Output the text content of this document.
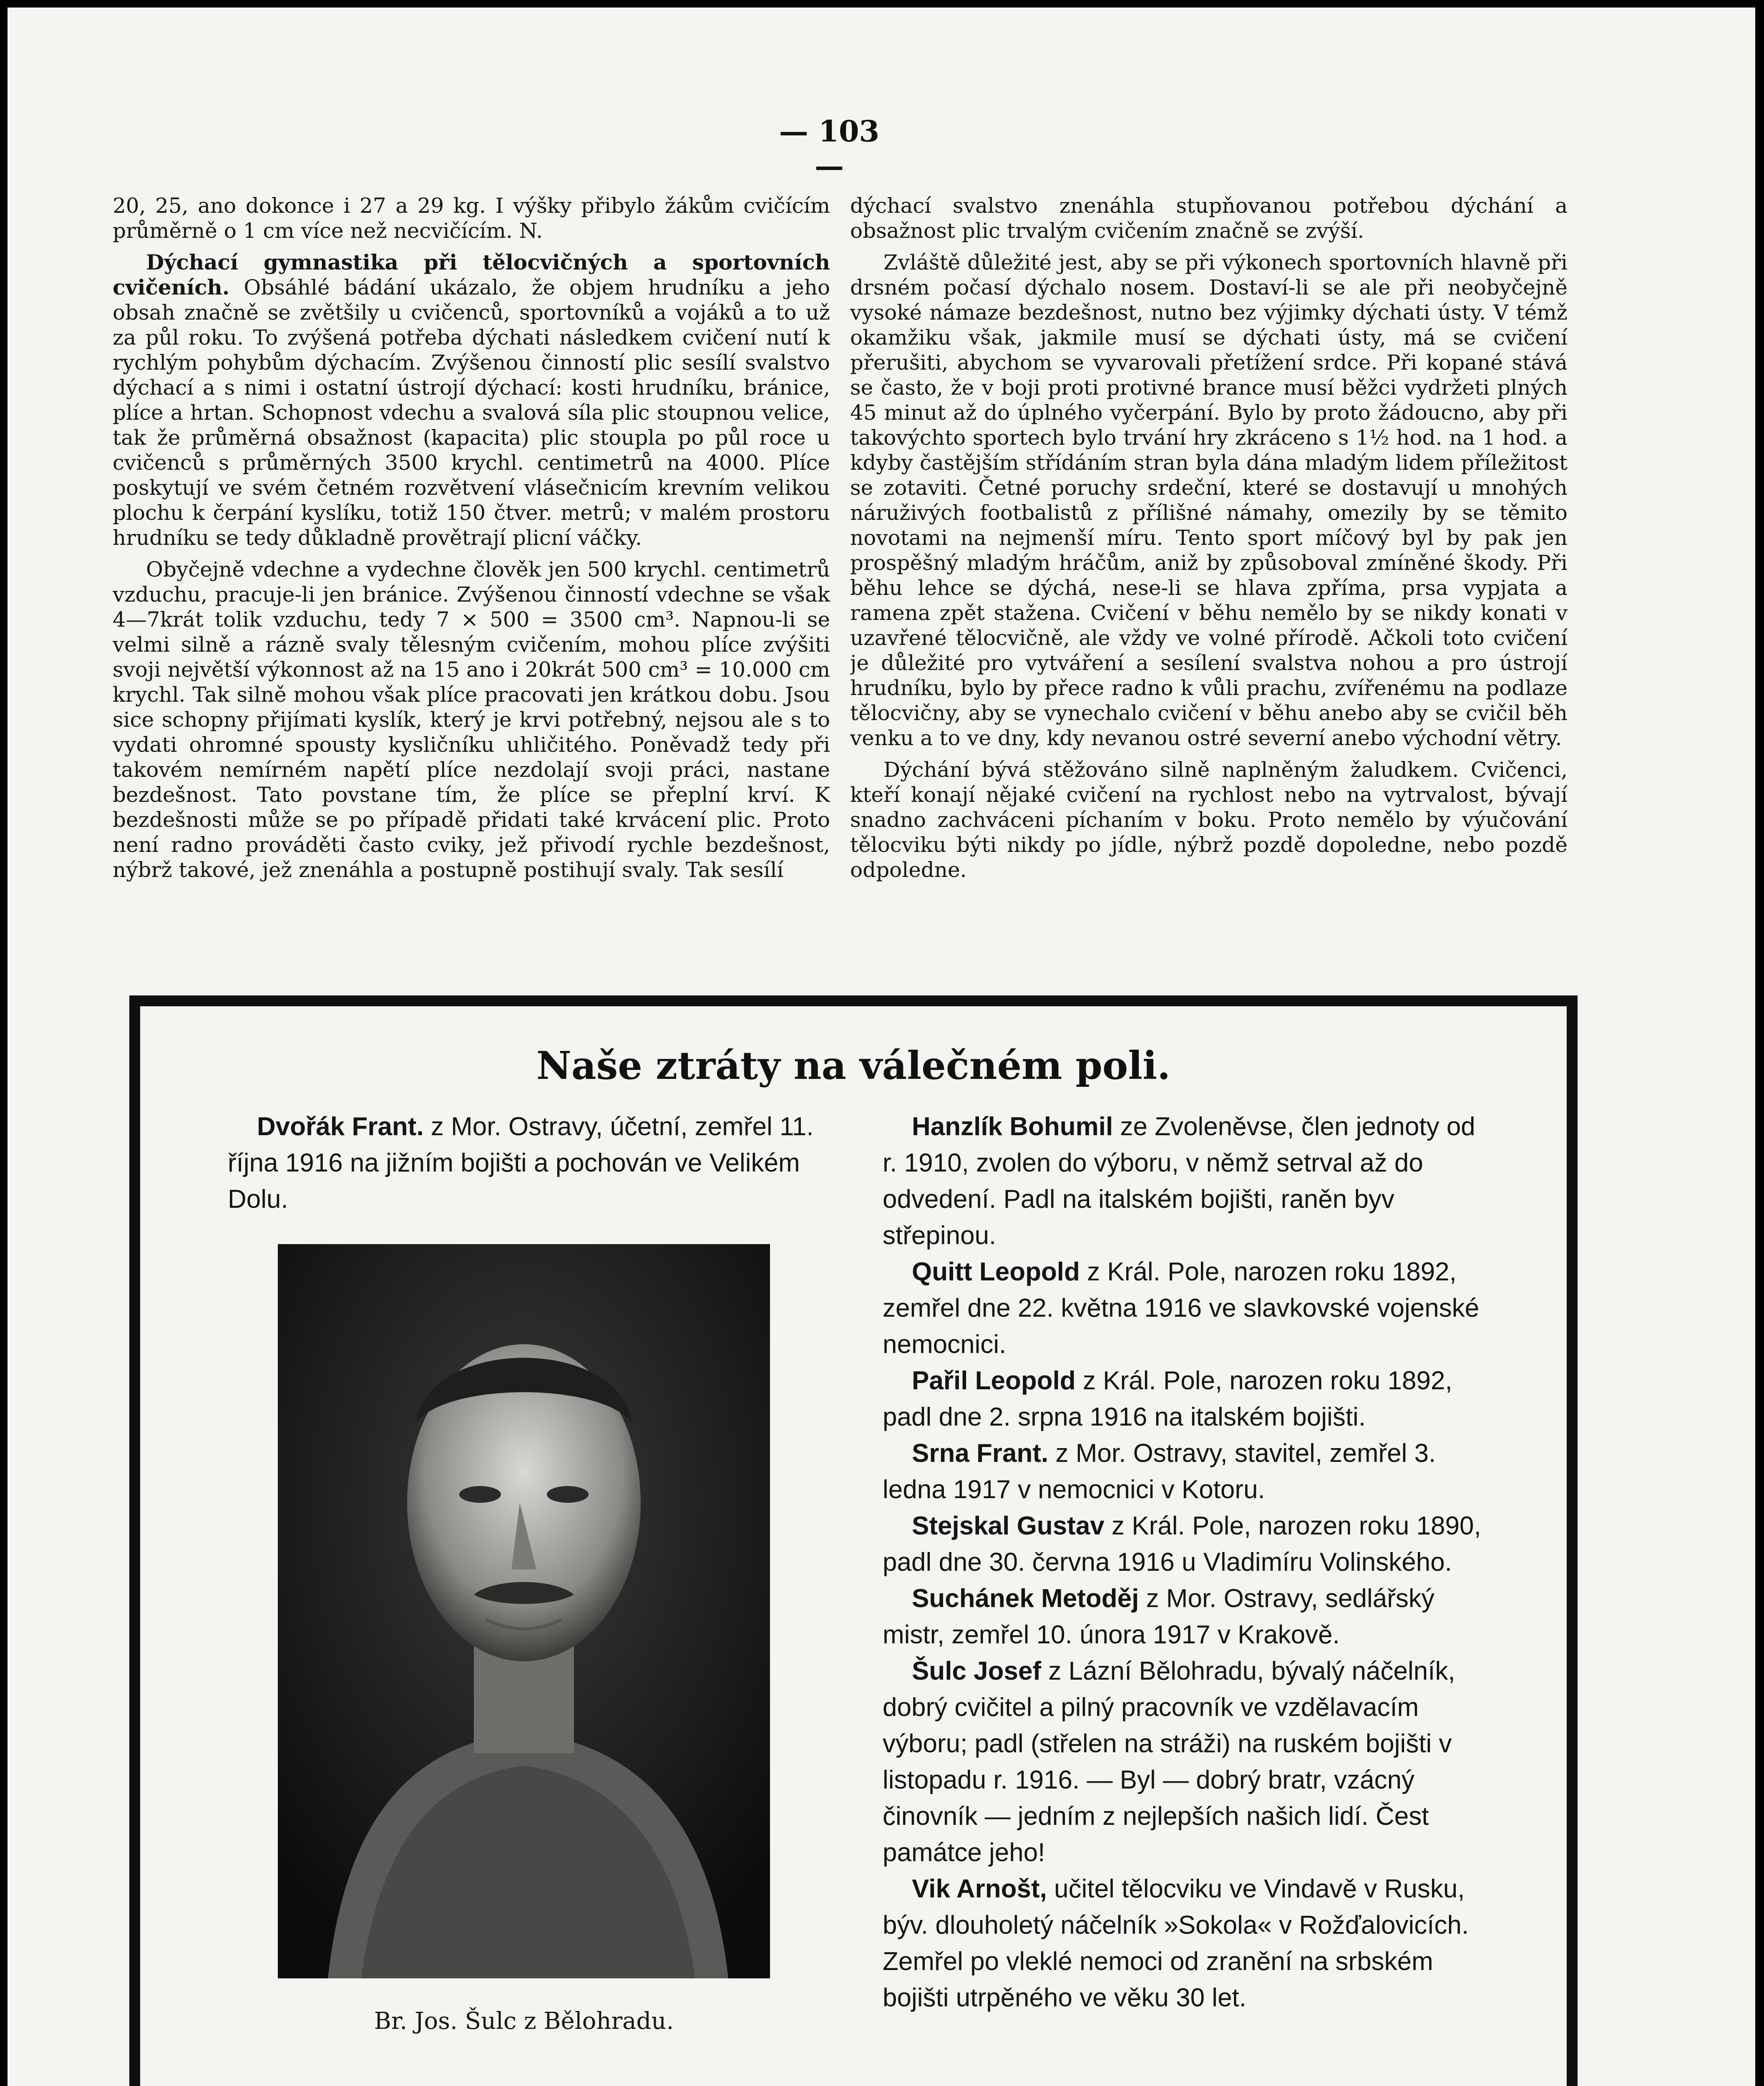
— 103 —

20, 25, ano dokonce i 27 a 29 kg. I výšky přibylo žákům cvičícím průměrně o 1 cm více než necvičícím. N.

Dýchací gymnastika při tělocvičných a sportovních cvičeních. Obsáhlé bádání ukázalo, že objem hrudníku a jeho obsah značně se zvětšily u cvičenců, sportovníků a vojáků a to už za půl roku. To zvýšená potřeba dýchati následkem cvičení nutí k rychlým pohybům dýchacím. Zvýšenou činností plic sesílí svalstvo dýchací a s nimi i ostatní ústrojí dýchací: kosti hrudníku, bránice, plíce a hrtan. Schopnost vdechu a svalová síla plic stoupnou velice, tak že průměrná obsažnost (kapacita) plic stoupla po půl roce u cvičenců s průměrných 3500 krychl. centimetrů na 4000. Plíce poskytují ve svém četném rozvětvení vlásečnicím krevním velikou plochu k čerpání kyslíku, totiž 150 čtver. metrů; v malém prostoru hrudníku se tedy důkladně provětrají plicní váčky.

Obyčejně vdechne a vydechne člověk jen 500 krychl. centimetrů vzduchu, pracuje-li jen bránice. Zvýšenou činností vdechne se však 4—7krát tolik vzduchu, tedy 7 × 500 = 3500 cm³. Napnou-li se velmi silně a rázně svaly tělesným cvičením, mohou plíce zvýšiti svoji největší výkonnost až na 15 ano i 20krát 500 cm³ = 10.000 cm krychl. Tak silně mohou však plíce pracovati jen krátkou dobu. Jsou sice schopny přijímati kyslík, který je krvi potřebný, nejsou ale s to vydati ohromné spousty kysličníku uhličitého. Poněvadž tedy při takovém nemírném napětí plíce nezdolají svoji práci, nastane bezdešnost. Tato povstane tím, že plíce se přeplní krví. K bezdešnosti může se po případě přidati také krvácení plic. Proto není radno prováděti často cviky, jež přivodí rychle bezdešnost, nýbrž takové, jež znenáhla a postupně postihují svaly. Tak sesílí

dýchací svalstvo znenáhla stupňovanou potřebou dýchání a obsažnost plic trvalým cvičením značně se zvýší.

Zvláště důležité jest, aby se při výkonech sportovních hlavně při drsném počasí dýchalo nosem. Dostaví-li se ale při neobyčejně vysoké námaze bezdešnost, nutno bez výjimky dýchati ústy. V témž okamžiku však, jakmile musí se dýchati ústy, má se cvičení přerušiti, abychom se vyvarovali přetížení srdce. Při kopané stává se často, že v boji proti protivné brance musí běžci vydržeti plných 45 minut až do úplného vyčerpání. Bylo by proto žádoucno, aby při takovýchto sportech bylo trvání hry zkráceno s 1½ hod. na 1 hod. a kdyby častějším střídáním stran byla dána mladým lidem příležitost se zotaviti. Četné poruchy srdeční, které se dostavují u mnohých náruživých footbalistů z přílišné námahy, omezily by se těmito novotami na nejmenší míru. Tento sport míčový byl by pak jen prospěšný mladým hráčům, aniž by způsoboval zmíněné škody. Při běhu lehce se dýchá, nese-li se hlava zpříma, prsa vypjata a ramena zpět stažena. Cvičení v běhu nemělo by se nikdy konati v uzavřené tělocvičně, ale vždy ve volné přírodě. Ačkoli toto cvičení je důležité pro vytváření a sesílení svalstva nohou a pro ústrojí hrudníku, bylo by přece radno k vůli prachu, zvířenému na podlaze tělocvičny, aby se vynechalo cvičení v běhu anebo aby se cvičil běh venku a to ve dny, kdy nevanou ostré severní anebo východní větry.

Dýchání bývá stěžováno silně naplněným žaludkem. Cvičenci, kteří konají nějaké cvičení na rychlost nebo na vytrvalost, bývají snadno zachváceni píchaním v boku. Proto nemělo by výučování tělocviku býti nikdy po jídle, nýbrž pozdě dopoledne, nebo pozdě odpoledne.

Naše ztráty na válečném poli.

Dvořák Frant. z Mor. Ostravy, účetní, zemřel 11. října 1916 na jižním bojišti a pochován ve Velikém Dolu.

Br. Jos. Šulc z Bělohradu.

Hanzlík Bohumil ze Zvoleněvse, člen jednoty od r. 1910, zvolen do výboru, v němž setrval až do odvedení. Padl na italském bojišti, raněn byv střepinou.

Quitt Leopold z Král. Pole, narozen roku 1892, zemřel dne 22. května 1916 ve slavkovské vojenské nemocnici.

Pařil Leopold z Král. Pole, narozen roku 1892, padl dne 2. srpna 1916 na italském bojišti.

Srna Frant. z Mor. Ostravy, stavitel, zemřel 3. ledna 1917 v nemocnici v Kotoru.

Stejskal Gustav z Král. Pole, narozen roku 1890, padl dne 30. června 1916 u Vladimíru Volinského.

Suchánek Metoděj z Mor. Ostravy, sedlářský mistr, zemřel 10. února 1917 v Krakově.

Šulc Josef z Lázní Bělohradu, bývalý náčelník, dobrý cvičitel a pilný pracovník ve vzdělavacím výboru; padl (střelen na stráži) na ruském bojišti v listopadu r. 1916. — Byl — dobrý bratr, vzácný činovník — jedním z nejlepších našich lidí. Čest památce jeho!

Vik Arnošt, učitel tělocviku ve Vindavě v Rusku, býv. dlouholetý náčelník »Sokola« v Rožďalovicích. Zemřel po vleklé nemoci od zranění na srbském bojišti utrpěného ve věku 30 let.
